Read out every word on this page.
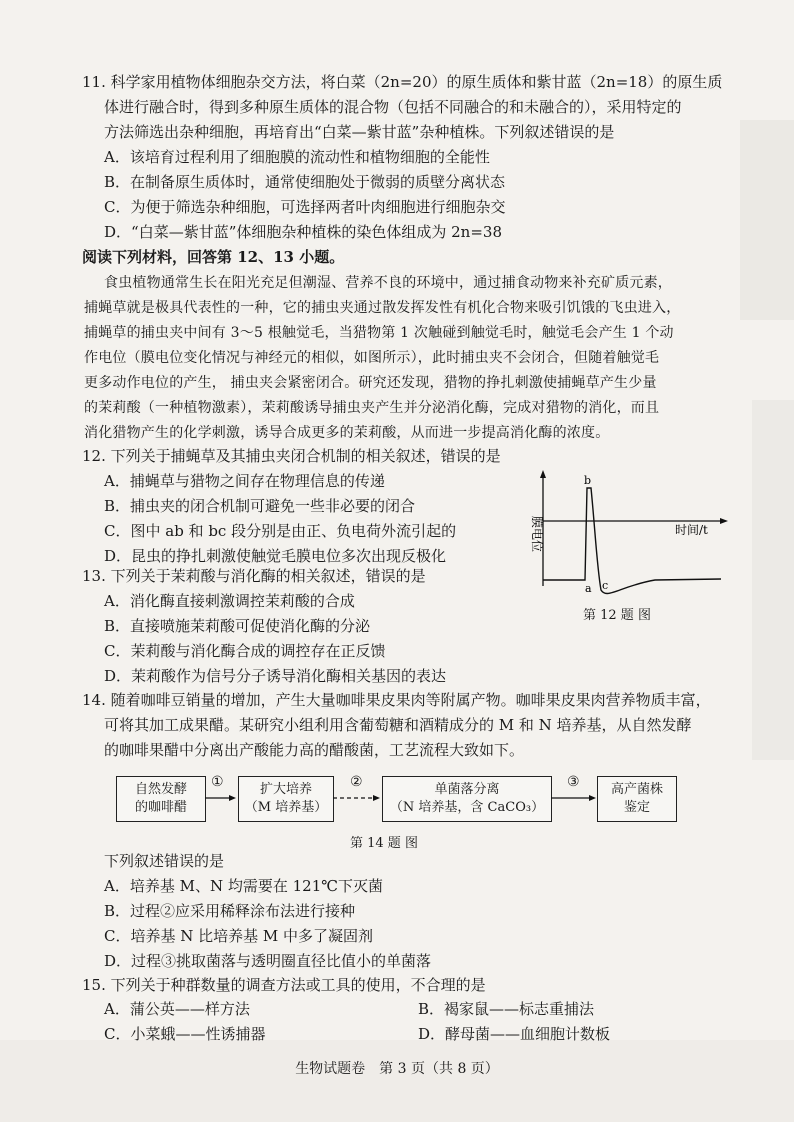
11. 科学家用植物体细胞杂交方法，将白菜（2n=20）的原生质体和紫甘蓝（2n=18）的原生质
体进行融合时，得到多种原生质体的混合物（包括不同融合的和未融合的），采用特定的
方法筛选出杂种细胞，再培育出“白菜—紫甘蓝”杂种植株。下列叙述错误的是
A．该培育过程利用了细胞膜的流动性和植物细胞的全能性
B．在制备原生质体时，通常使细胞处于微弱的质壁分离状态
C．为便于筛选杂种细胞，可选择两者叶肉细胞进行细胞杂交
D．“白菜—紫甘蓝”体细胞杂种植株的染色体组成为 2n=38
阅读下列材料，回答第 12、13 小题。
食虫植物通常生长在阳光充足但潮湿、营养不良的环境中，通过捕食动物来补充矿质元素，
捕蝇草就是极具代表性的一种，它的捕虫夹通过散发挥发性有机化合物来吸引饥饿的飞虫进入，
捕蝇草的捕虫夹中间有 3～5 根触觉毛，当猎物第 1 次触碰到触觉毛时，触觉毛会产生 1 个动
作电位（膜电位变化情况与神经元的相似，如图所示），此时捕虫夹不会闭合，但随着触觉毛
更多动作电位的产生， 捕虫夹会紧密闭合。研究还发现，猎物的挣扎刺激使捕蝇草产生少量
的茉莉酸（一种植物激素），茉莉酸诱导捕虫夹产生并分泌消化酶，完成对猎物的消化，而且
消化猎物产生的化学刺激，诱导合成更多的茉莉酸，从而进一步提高消化酶的浓度。
12. 下列关于捕蝇草及其捕虫夹闭合机制的相关叙述，错误的是
A．捕蝇草与猎物之间存在物理信息的传递
B．捕虫夹的闭合机制可避免一些非必要的闭合
C．图中 ab 和 bc 段分别是由正、负电荷外流引起的
D．昆虫的挣扎刺激使触觉毛膜电位多次出现反极化
b
a c
时间/t
膜电位
第 12 题 图
13. 下列关于茉莉酸与消化酶的相关叙述，错误的是
A．消化酶直接刺激调控茉莉酸的合成
B．直接喷施茉莉酸可促使消化酶的分泌
C．茉莉酸与消化酶合成的调控存在正反馈
D．茉莉酸作为信号分子诱导消化酶相关基因的表达
14. 随着咖啡豆销量的增加，产生大量咖啡果皮果肉等附属产物。咖啡果皮果肉营养物质丰富，
可将其加工成果醋。某研究小组利用含葡萄糖和酒精成分的 M 和 N 培养基，从自然发酵
的咖啡果醋中分离出产酸能力高的醋酸菌，工艺流程大致如下。
自然发酵
的咖啡醋
①	扩大培养
（M 培养基）
②	单菌落分离
（N 培养基，含 CaCO₃）
③ 高产菌株
鉴定
第 14 题 图
下列叙述错误的是
A．培养基 M、N 均需要在 121℃下灭菌
B．过程②应采用稀释涂布法进行接种
C．培养基 N 比培养基 M 中多了凝固剂
D．过程③挑取菌落与透明圈直径比值小的单菌落
15. 下列关于种群数量的调查方法或工具的使用，不合理的是
A．蒲公英——样方法	B．褐家鼠——标志重捕法
C．小菜蛾——性诱捕器	D．酵母菌——血细胞计数板
生物试题卷　第 3 页（共 8 页）
